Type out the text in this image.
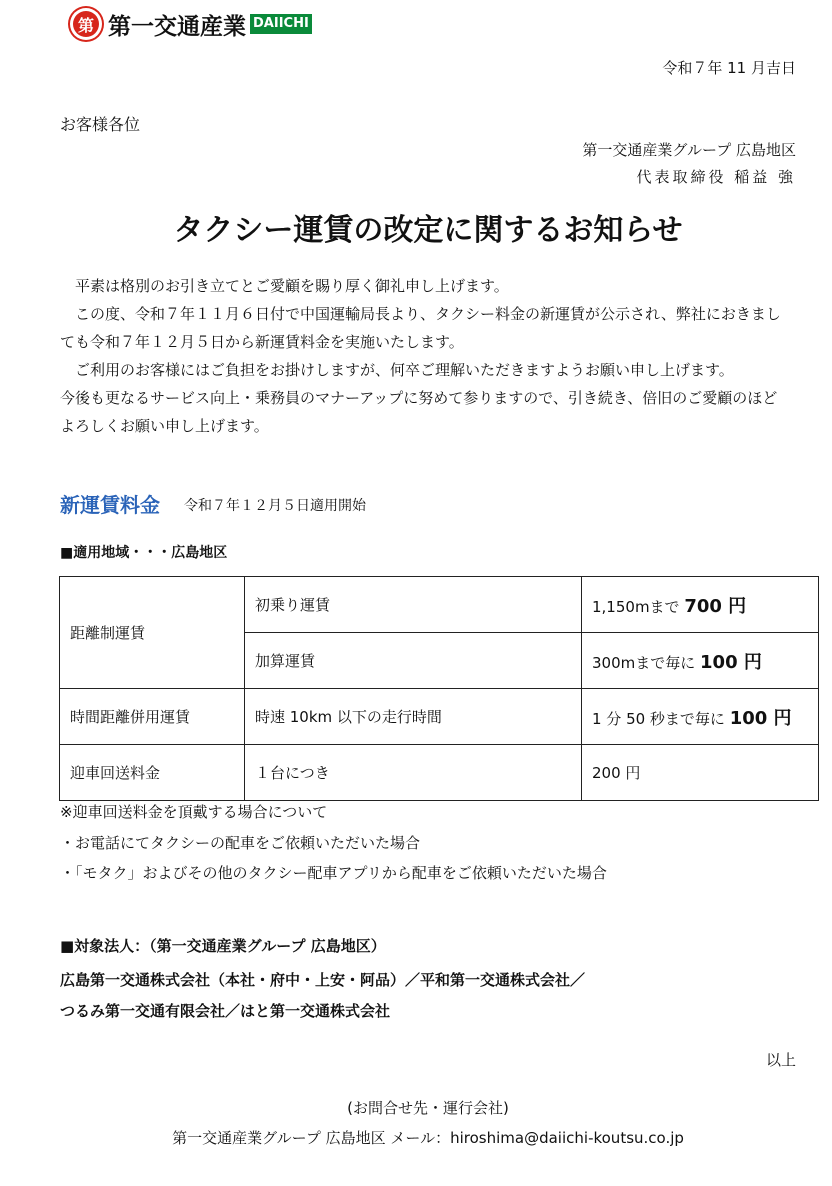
第 第一交通産業 DAIICHI
令和７年 11 月吉日
お客様各位
第一交通産業グループ 広島地区
代表取締役 稲益 強
タクシー運賃の改定に関するお知らせ

平素は格別のお引き立てとご愛顧を賜り厚く御礼申し上げます。

この度、令和７年１１月６日付で中国運輸局長より、タクシー料金の新運賃が公示され、弊社におきましても令和７年１２月５日から新運賃料金を実施いたします。

ご利用のお客様にはご負担をお掛けしますが、何卒ご理解いただきますようお願い申し上げます。

今後も更なるサービス向上・乗務員のマナーアップに努めて参りますので、引き続き、倍旧のご愛顧のほどよろしくお願い申し上げます。

新運賃料金 令和７年１２月５日適用開始
■適用地域・・・広島地区
距離制運賃	初乗り運賃	1,150mまで 700 円
	加算運賃	300mまで毎に 100 円
時間距離併用運賃	時速 10km 以下の走行時間	1 分 50 秒まで毎に 100 円
迎車回送料金	１台につき	200 円
※迎車回送料金を頂戴する場合について
・お電話にてタクシーの配車をご依頼いただいた場合
・「モタク」およびその他のタクシー配車アプリから配車をご依頼いただいた場合
■対象法人：（第一交通産業グループ 広島地区）
広島第一交通株式会社（本社・府中・上安・阿品）／平和第一交通株式会社／
つるみ第一交通有限会社／はと第一交通株式会社
以上
(お問合せ先・運行会社)
第一交通産業グループ 広島地区 メール：hiroshima@daiichi-koutsu.co.jp
